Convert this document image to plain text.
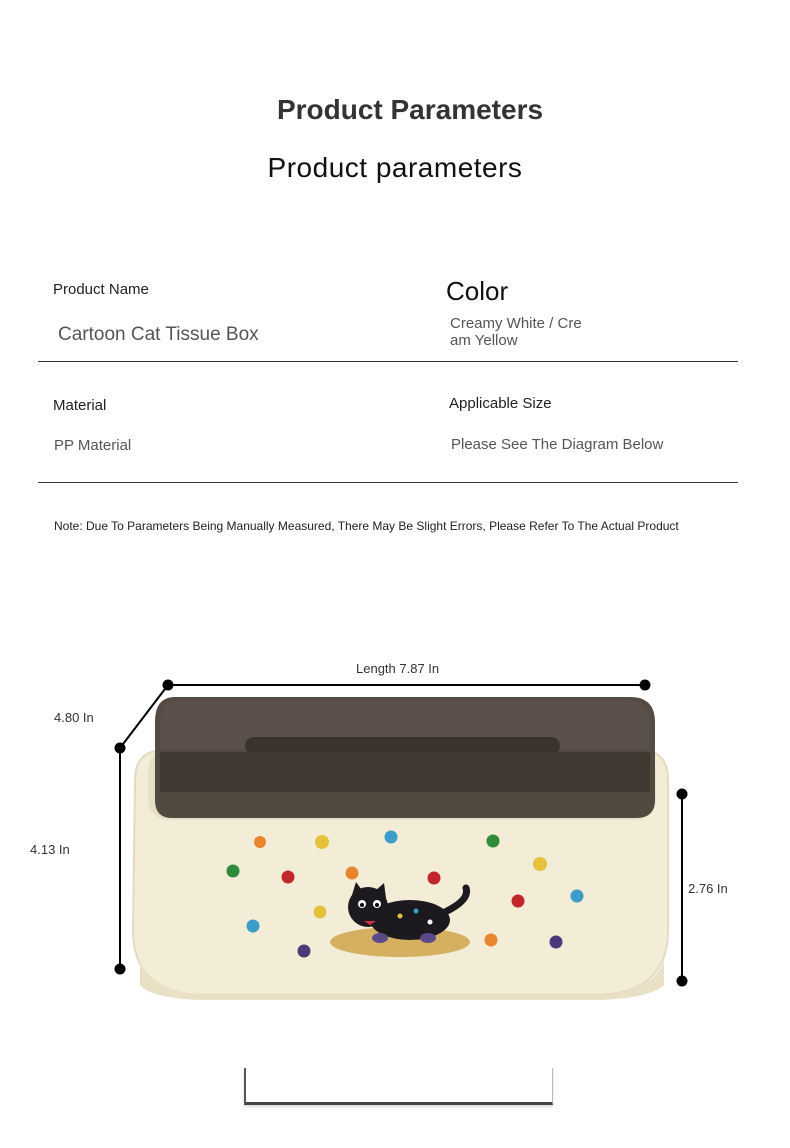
Product Parameters
Product parameters
Product Name
Cartoon Cat Tissue Box
Color
Creamy White / Cre
am Yellow
Material
PP Material
Applicable Size
Please See The Diagram Below
Note: Due To Parameters Being Manually Measured, There May Be Slight Errors, Please Refer To The Actual Product
Length 7.87 In
4.80 In
4.13 In
2.76 In
